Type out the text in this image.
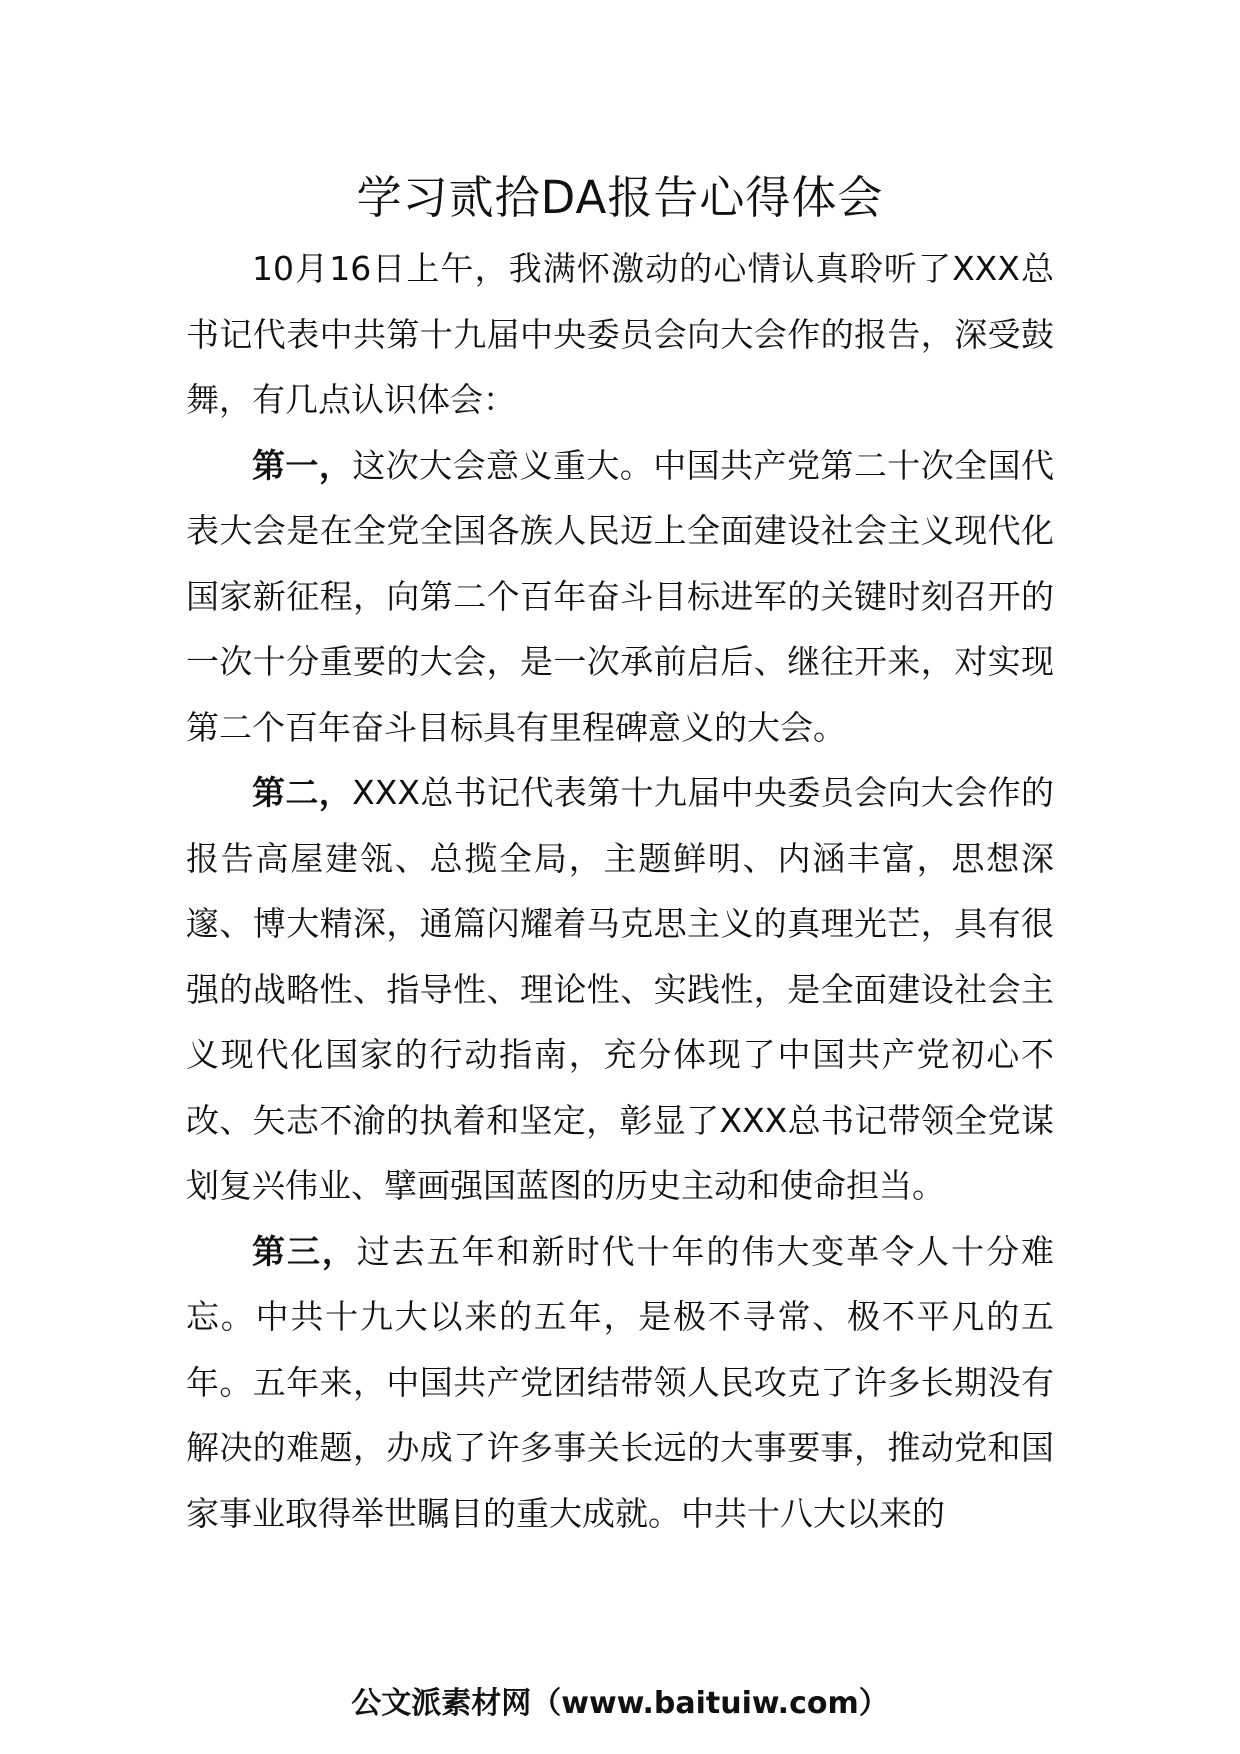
学习贰拾DA报告心得体会

10月16日上午，我满怀激动的心情认真聆听了XXX总书记代表中共第十九届中央委员会向大会作的报告，深受鼓舞，有几点认识体会：

第一，这次大会意义重大。中国共产党第二十次全国代表大会是在全党全国各族人民迈上全面建设社会主义现代化国家新征程，向第二个百年奋斗目标进军的关键时刻召开的一次十分重要的大会，是一次承前启后、继往开来，对实现第二个百年奋斗目标具有里程碑意义的大会。

第二，XXX总书记代表第十九届中央委员会向大会作的报告高屋建瓴、总揽全局，主题鲜明、内涵丰富，思想深邃、博大精深，通篇闪耀着马克思主义的真理光芒，具有很强的战略性、指导性、理论性、实践性，是全面建设社会主义现代化国家的行动指南，充分体现了中国共产党初心不改、矢志不渝的执着和坚定，彰显了XXX总书记带领全党谋划复兴伟业、擘画强国蓝图的历史主动和使命担当。

第三，过去五年和新时代十年的伟大变革令人十分难忘。中共十九大以来的五年，是极不寻常、极不平凡的五年。五年来，中国共产党团结带领人民攻克了许多长期没有解决的难题，办成了许多事关长远的大事要事，推动党和国家事业取得举世瞩目的重大成就。中共十八大以来的

公文派素材网（www.baituiw.com）
